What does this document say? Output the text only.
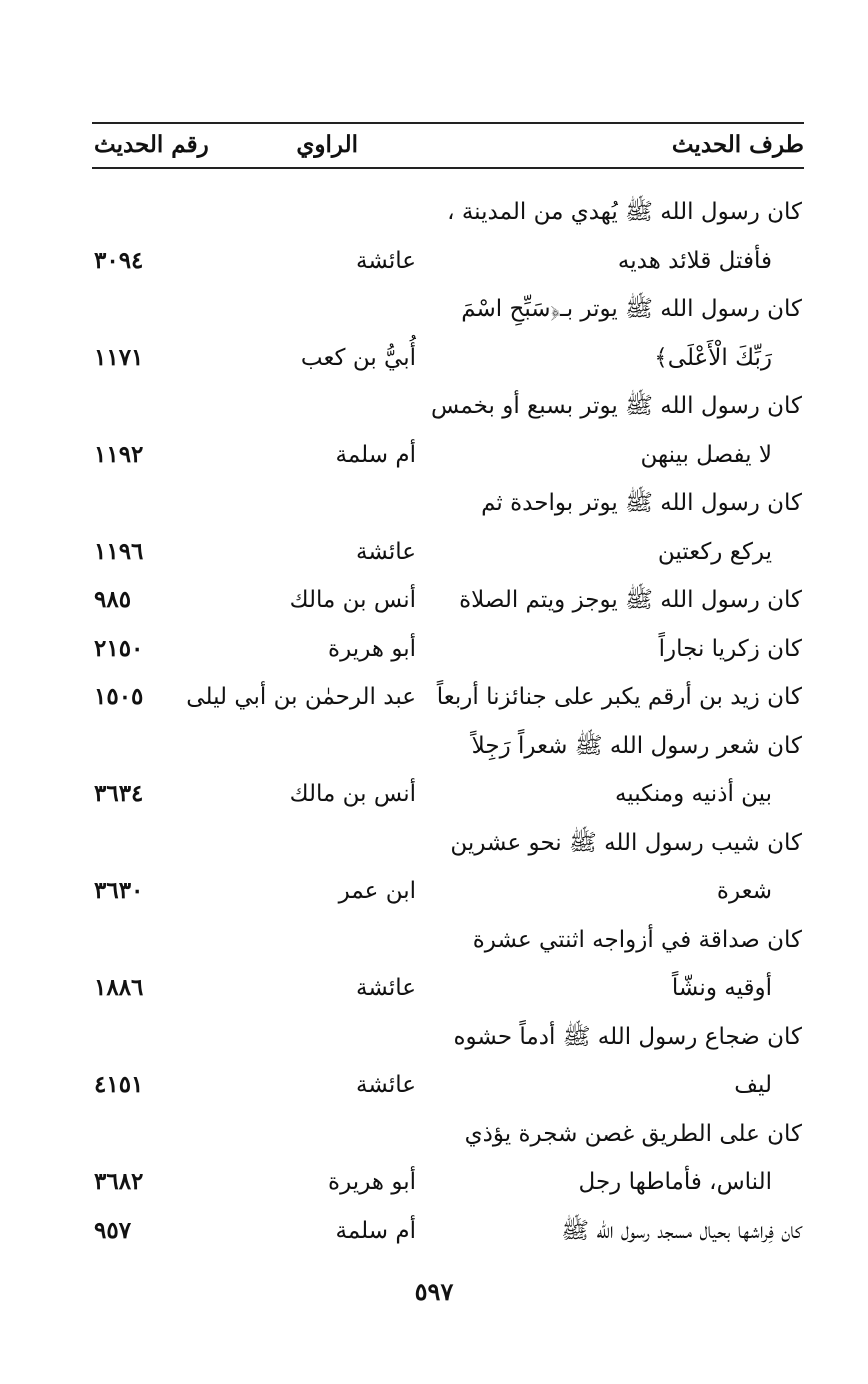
طرف الحديث
الراوي
رقم الحديث
كان رسول الله ﷺ يُهدي من المدينة ،
فأفتل قلائد هديه
عائشة
٣٠٩٤
كان رسول الله ﷺ يوتر بـ﴿سَبِّحِ اسْمَ
رَبِّكَ الْأَعْلَى﴾
أُبيُّ بن كعب
١١٧١
كان رسول الله ﷺ يوتر بسبع أو بخمس
لا يفصل بينهن
أم سلمة
١١٩٢
كان رسول الله ﷺ يوتر بواحدة ثم
يركع ركعتين
عائشة
١١٩٦
كان رسول الله ﷺ يوجز ويتم الصلاة
أنس بن مالك
٩٨٥
كان زكريا نجاراً
أبو هريرة
٢١٥٠
كان زيد بن أرقم يكبر على جنائزنا أربعاً
عبد الرحمٰن بن أبي ليلى
١٥٠٥
كان شعر رسول الله ﷺ شعراً رَجِلاً
بين أذنيه ومنكبيه
أنس بن مالك
٣٦٣٤
كان شيب رسول الله ﷺ نحو عشرين
شعرة
ابن عمر
٣٦٣٠
كان صداقة في أزواجه اثنتي عشرة
أوقيه ونشّاً
عائشة
١٨٨٦
كان ضجاع رسول الله ﷺ أدماً حشوه
ليف
عائشة
٤١٥١
كان على الطريق غصن شجرة يؤذي
الناس، فأماطها رجل
أبو هريرة
٣٦٨٢
كان فِراشها بحيال مسجد رسول الله ﷺ
أم سلمة
٩٥٧
٥٩٧
